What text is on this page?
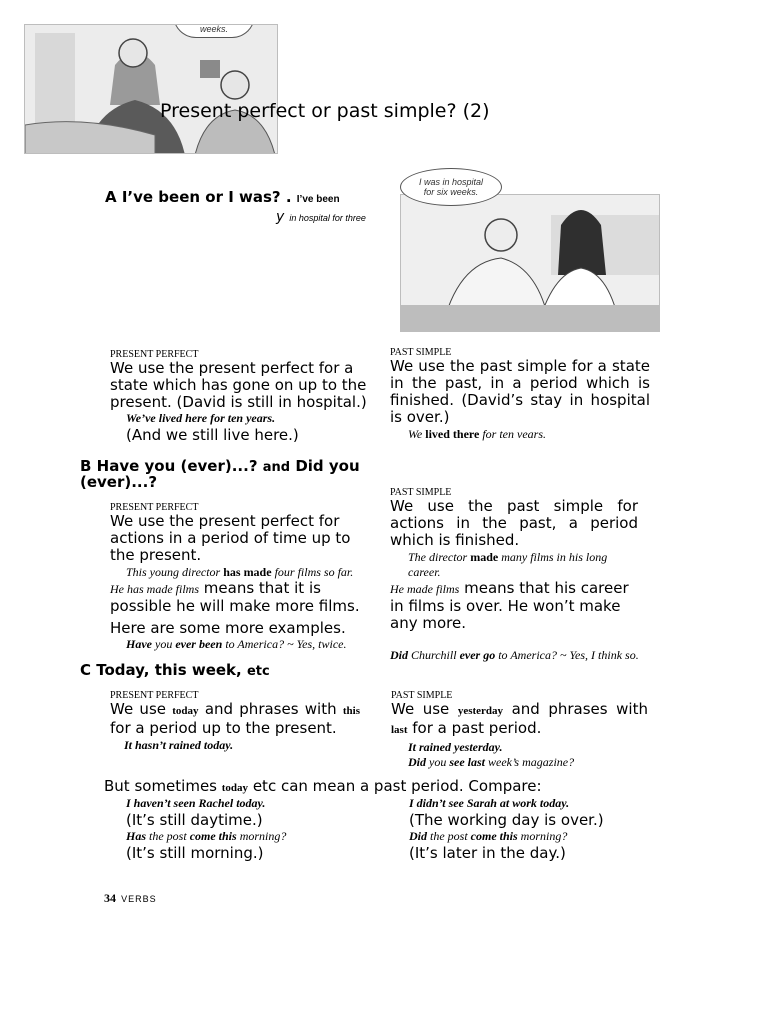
weeks.
Present perfect or past simple? (2)
A I’ve been or I was? . I’ve been
y in hospital for three
I was in hospital for six weeks.
PRESENT PERFECT

We use the present perfect for a state which has gone on up to the present. (David is still in hospital.)

We’ve lived here for ten years.

(And we still live here.)

PAST SIMPLE

We use the past simple for a state in the past, in a period which is finished. (David’s stay in hospital is over.)

We lived there for ten vears.

B Have you (ever)...? and Did you (ever)...?
PRESENT PERFECT

We use the present perfect for actions in a period of time up to the present.

This young director has made four films so far.

He has made films means that it is possible he will make more films.

Here are some more examples.

Have you ever been to America? ~ Yes, twice.

PAST SIMPLE

We use the past simple for actions in the past, a period which is finished.

The director made many films in his long career.

He made films means that his career in films is over. He won’t make any more.

Did Churchill ever go to America? ~ Yes, I think so.

C Today, this week, etc
PRESENT PERFECT

We use today and phrases with this for a period up to the present.

It hasn’t rained today.

PAST SIMPLE

We use yesterday and phrases with last for a past period.

It rained yesterday.

Did you see last week’s magazine?

But sometimes today etc can mean a past period. Compare:

I haven’t seen Rachel today.

(It’s still daytime.)

Has the post come this morning?

(It’s still morning.)

I didn’t see Sarah at work today.

(The working day is over.)

Did the post come this morning?

(It’s later in the day.)

34 VERBS
